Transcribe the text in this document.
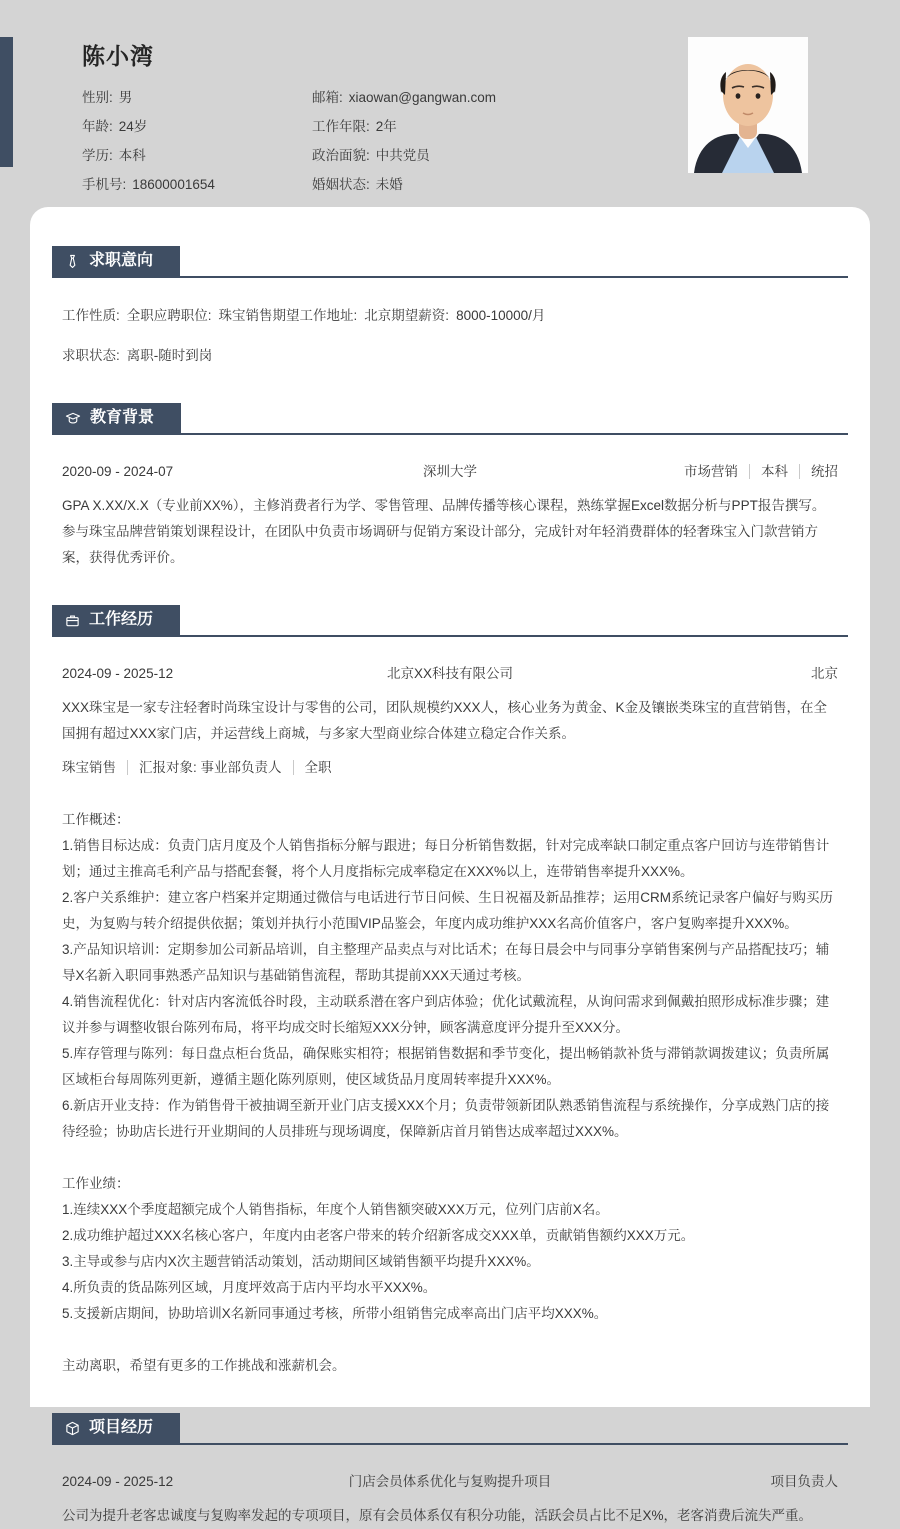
陈小湾
性别: 男
年龄: 24岁
学历: 本科
手机号: 18600001654
邮箱: xiaowan@gangwan.com
工作年限: 2年
政治面貌: 中共党员
婚姻状态: 未婚
求职意向
工作性质: 全职 应聘职位: 珠宝销售 期望工作地址: 北京 期望薪资: 8000-10000/月
求职状态: 离职-随时到岗
教育背景
2020-09 - 2024-07	深圳大学	市场营销 本科 统招
GPA X.XX/X.X（专业前XX%），主修消费者行为学、零售管理、品牌传播等核心课程，熟练掌握Excel数据分析与PPT报告撰写。参与珠宝品牌营销策划课程设计，在团队中负责市场调研与促销方案设计部分，完成针对年轻消费群体的轻奢珠宝入门款营销方案，获得优秀评价。
工作经历
2024-09 - 2025-12	北京XX科技有限公司	北京
XXX珠宝是一家专注轻奢时尚珠宝设计与零售的公司，团队规模约XXX人，核心业务为黄金、K金及镶嵌类珠宝的直营销售，在全国拥有超过XXX家门店，并运营线上商城，与多家大型商业综合体建立稳定合作关系。
珠宝销售 汇报对象: 事业部负责人 全职
工作概述：
1.销售目标达成：负责门店月度及个人销售指标分解与跟进；每日分析销售数据，针对完成率缺口制定重点客户回访与连带销售计划；通过主推高毛利产品与搭配套餐，将个人月度指标完成率稳定在XXX%以上，连带销售率提升XXX%。
2.客户关系维护：建立客户档案并定期通过微信与电话进行节日问候、生日祝福及新品推荐；运用CRM系统记录客户偏好与购买历史，为复购与转介绍提供依据；策划并执行小范围VIP品鉴会，年度内成功维护XXX名高价值客户，客户复购率提升XXX%。
3.产品知识培训：定期参加公司新品培训，自主整理产品卖点与对比话术；在每日晨会中与同事分享销售案例与产品搭配技巧；辅导X名新入职同事熟悉产品知识与基础销售流程，帮助其提前XXX天通过考核。
4.销售流程优化：针对店内客流低谷时段，主动联系潜在客户到店体验；优化试戴流程，从询问需求到佩戴拍照形成标准步骤；建议并参与调整收银台陈列布局，将平均成交时长缩短XXX分钟，顾客满意度评分提升至XXX分。
5.库存管理与陈列：每日盘点柜台货品，确保账实相符；根据销售数据和季节变化，提出畅销款补货与滞销款调拨建议；负责所属区域柜台每周陈列更新，遵循主题化陈列原则，使区域货品月度周转率提升XXX%。
6.新店开业支持：作为销售骨干被抽调至新开业门店支援XXX个月；负责带领新团队熟悉销售流程与系统操作，分享成熟门店的接待经验；协助店长进行开业期间的人员排班与现场调度，保障新店首月销售达成率超过XXX%。
工作业绩：
1.连续XXX个季度超额完成个人销售指标，年度个人销售额突破XXX万元，位列门店前X名。
2.成功维护超过XXX名核心客户，年度内由老客户带来的转介绍新客成交XXX单，贡献销售额约XXX万元。
3.主导或参与店内X次主题营销活动策划，活动期间区域销售额平均提升XXX%。
4.所负责的货品陈列区域，月度坪效高于店内平均水平XXX%。
5.支援新店期间，协助培训X名新同事通过考核，所带小组销售完成率高出门店平均XXX%。
主动离职，希望有更多的工作挑战和涨薪机会。
项目经历
2024-09 - 2025-12	门店会员体系优化与复购提升项目	项目负责人
公司为提升老客忠诚度与复购率发起的专项项目，原有会员体系仅有积分功能，活跃会员占比不足X%，老客消费后流失严重。
